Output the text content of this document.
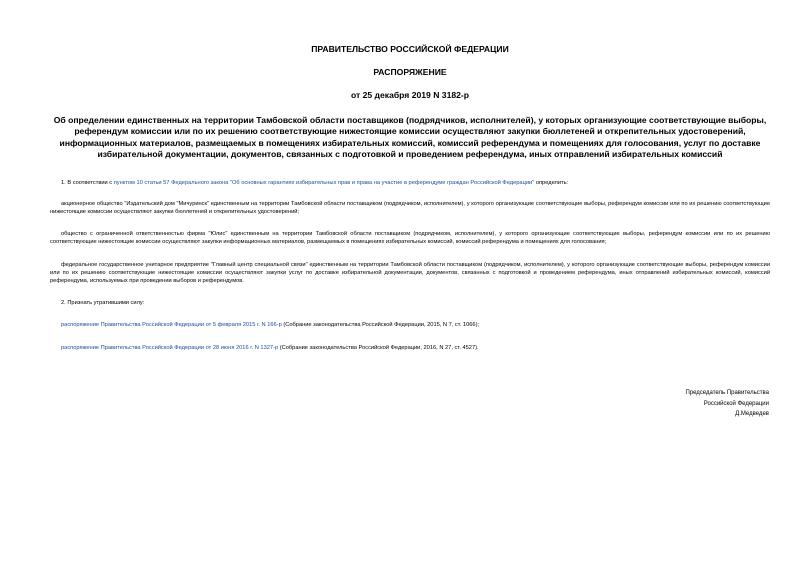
ПРАВИТЕЛЬСТВО РОССИЙСКОЙ ФЕДЕРАЦИИ
РАСПОРЯЖЕНИЕ
от 25 декабря 2019 N 3182-р
Об определении единственных на территории Тамбовской области поставщиков (подрядчиков, исполнителей), у которых организующие соответствующие выборы, референдум комиссии или по их решению соответствующие нижестоящие комиссии осуществляют закупки бюллетеней и открепительных удостоверений, информационных материалов, размещаемых в помещениях избирательных комиссий, комиссий референдума и помещениях для голосования, услуг по доставке избирательной документации, документов, связанных с подготовкой и проведением референдума, иных отправлений избирательных комиссий

1. В соответствии с пунктом 10 статьи 57 Федерального закона "Об основных гарантиях избирательных прав и права на участие в референдуме граждан Российской Федерации" определить:

акционерное общество "Издательский дом "Мичуринск" единственным на территории Тамбовской области поставщиком (подрядчиком, исполнителем), у которого организующие соответствующие выборы, референдум комиссии или по их решению соответствующие нижестоящие комиссии осуществляют закупки бюллетеней и открепительных удостоверений;

общество с ограниченной ответственностью фирма "Юлис" единственным на территории Тамбовской области поставщиком (подрядчиком, исполнителем), у которого организующие соответствующие выборы, референдум комиссии или по их решению соответствующие нижестоящие комиссии осуществляют закупки информационных материалов, размещаемых в помещениях избирательных комиссий, комиссий референдума и помещениях для голосования;

федеральное государственное унитарное предприятие "Главный центр специальной связи" единственным на территории Тамбовской области поставщиком (подрядчиком, исполнителем), у которого организующие соответствующие выборы, референдум комиссии или по их решению соответствующие нижестоящие комиссии осуществляют закупки услуг по доставке избирательной документации, документов, связанных с подготовкой и проведением референдума, иных отправлений избирательных комиссий, комиссий референдума, используемых при проведении выборов и референдумов.

2. Признать утратившими силу:

распоряжение Правительства Российской Федерации от 5 февраля 2015 г. N 166-р (Собрание законодательства Российской Федерации, 2015, N 7, ст. 1066);

распоряжение Правительства Российской Федерации от 28 июня 2016 г. N 1327-р (Собрание законодательства Российской Федерации, 2016, N 27, ст. 4527).

Председатель Правительства
Российской Федерации
Д.Медведев
